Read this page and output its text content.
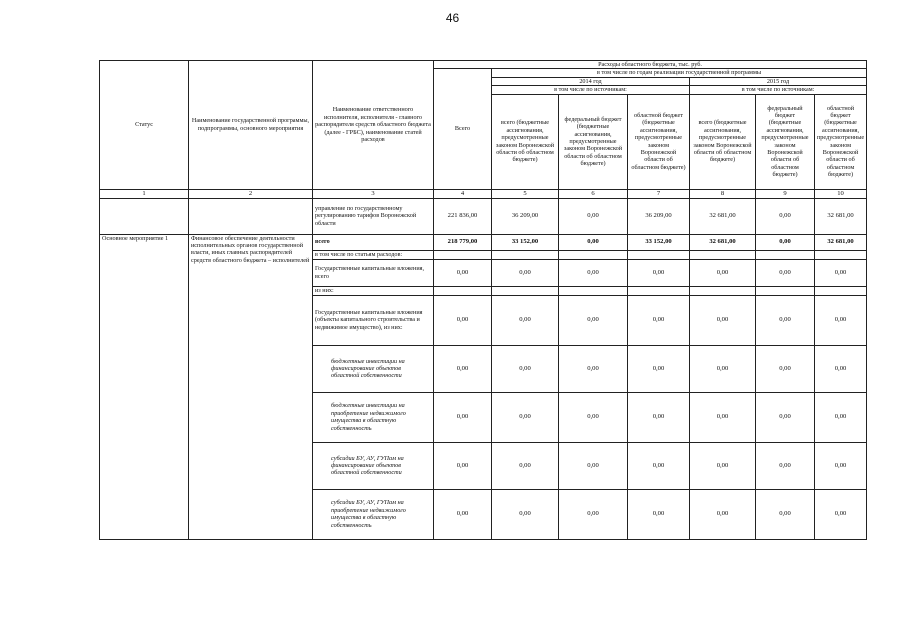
46
Статус	Наименование государственной программы, подпрограммы, основного мероприятия	Наименование ответственного исполнителя, исполнителя - главного распорядителя средств областного бюджета (далее - ГРБС), наименование статей расходов	Расходы областного бюджета, тыс. руб.						
			Всего	в том числе по годам реализации государственной программы					
				2014 год			2015 год		
				в том числе по источникам:			в том числе по источникам:		
				всего (бюджетные ассигнования, предусмотренные законом Воронежской области об областном бюджете)	федеральный бюджет (бюджетные ассигнования, предусмотренные законом Воронежской области об областном бюджете)	областной бюджет (бюджетные ассигнования, предусмотренные законом Воронежской области об областном бюджете)	всего (бюджетные ассигнования, предусмотренные законом Воронежской области об областном бюджете)	федеральный бюджет (бюджетные ассигнования, предусмотренные законом Воронежской области об областном бюджете)	областной бюджет (бюджетные ассигнования, предусмотренные законом Воронежской области об областном бюджете)
1	2	3	4	5	6	7	8	9	10
		управление по государственному регулированию тарифов Воронежской области	221 836,00	36 209,00	0,00	36 209,00	32 681,00	0,00	32 681,00
Основное мероприятие 1	Финансовое обеспечение деятельности исполнительных органов государственной власти, иных главных распорядителей средств областного бюджета – исполнителей	всего	218 779,00	33 152,00	0,00	33 152,00	32 681,00	0,00	32 681,00
		в том числе по статьям расходов:							
		Государственные капитальные вложения, всего	0,00	0,00	0,00	0,00	0,00	0,00	0,00
		из них:							
		Государственные капитальные вложения (объекты капитального строительства и недвижимое имущество), из них:	0,00	0,00	0,00	0,00	0,00	0,00	0,00
		бюджетные инвестиции на финансирование объектов областной собственности	0,00	0,00	0,00	0,00	0,00	0,00	0,00
		бюджетные инвестиции на приобретение недвижимого имущества в областную собственность	0,00	0,00	0,00	0,00	0,00	0,00	0,00
		субсидии БУ, АУ, ГУПам на финансирование объектов областной собственности	0,00	0,00	0,00	0,00	0,00	0,00	0,00
		субсидии БУ, АУ, ГУПам на приобретение недвижимого имущества в областную собственность	0,00	0,00	0,00	0,00	0,00	0,00	0,00
